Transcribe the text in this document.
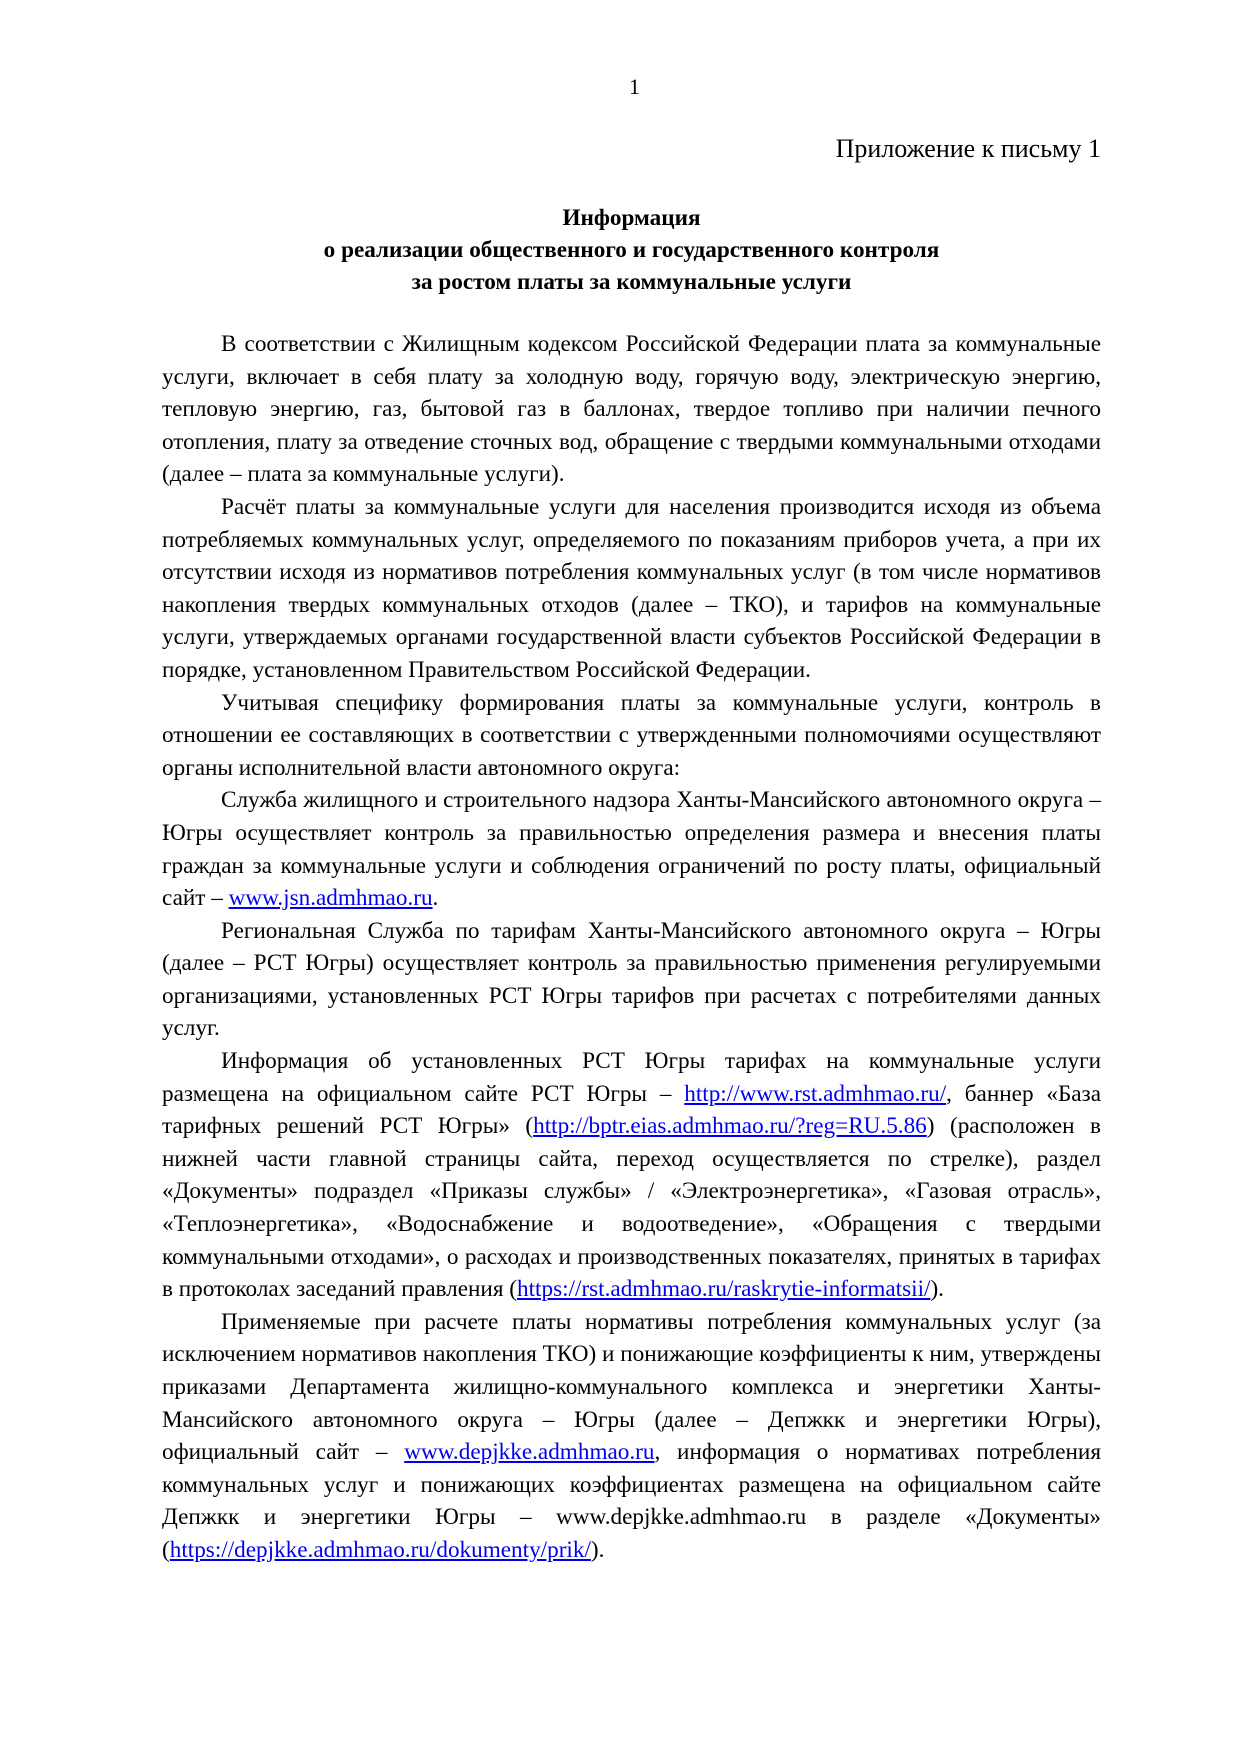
1
Приложение к письму 1
Информация
о реализации общественного и государственного контроля
за ростом платы за коммунальные услуги

В соответствии с Жилищным кодексом Российской Федерации плата за коммунальные услуги, включает в себя плату за холодную воду, горячую воду, электрическую энергию, тепловую энергию, газ, бытовой газ в баллонах, твердое топливо при наличии печного отопления, плату за отведение сточных вод, обращение с твердыми коммунальными отходами (далее – плата за коммунальные услуги).

Расчёт платы за коммунальные услуги для населения производится исходя из объема потребляемых коммунальных услуг, определяемого по показаниям приборов учета, а при их отсутствии исходя из нормативов потребления коммунальных услуг (в том числе нормативов накопления твердых коммунальных отходов (далее – ТКО), и тарифов на коммунальные услуги, утверждаемых органами государственной власти субъектов Российской Федерации в порядке, установленном Правительством Российской Федерации.

Учитывая специфику формирования платы за коммунальные услуги, контроль в отношении ее составляющих в соответствии с утвержденными полномочиями осуществляют органы исполнительной власти автономного округа:

Служба жилищного и строительного надзора Ханты-Мансийского автономного округа – Югры осуществляет контроль за правильностью определения размера и внесения платы граждан за коммунальные услуги и соблюдения ограничений по росту платы, официальный сайт – www.jsn.admhmao.ru.

Региональная Служба по тарифам Ханты-Мансийского автономного округа – Югры (далее – РСТ Югры) осуществляет контроль за правильностью применения регулируемыми организациями, установленных РСТ Югры тарифов при расчетах с потребителями данных услуг.

Информация об установленных РСТ Югры тарифах на коммунальные услуги размещена на официальном сайте РСТ Югры – http://www.rst.admhmao.ru/, баннер «База тарифных решений РСТ Югры» (http://bptr.eias.admhmao.ru/?reg=RU.5.86) (расположен в нижней части главной страницы сайта, переход осуществляется по стрелке), раздел «Документы» подраздел «Приказы службы» / «Электроэнергетика», «Газовая отрасль», «Теплоэнергетика», «Водоснабжение и водоотведение», «Обращения с твердыми коммунальными отходами», о расходах и производственных показателях, принятых в тарифах в протоколах заседаний правления (https://rst.admhmao.ru/raskrytie-informatsii/).

Применяемые при расчете платы нормативы потребления коммунальных услуг (за исключением нормативов накопления ТКО) и понижающие коэффициенты к ним, утверждены приказами Департамента жилищно-коммунального комплекса и энергетики Ханты-Мансийского автономного округа – Югры (далее – Депжкк и энергетики Югры), официальный сайт – www.depjkke.admhmao.ru, информация о нормативах потребления коммунальных услуг и понижающих коэффициентах размещена на официальном сайте Депжкк и энергетики Югры – www.depjkke.admhmao.ru в разделе «Документы» (https://depjkke.admhmao.ru/dokumenty/prik/).
